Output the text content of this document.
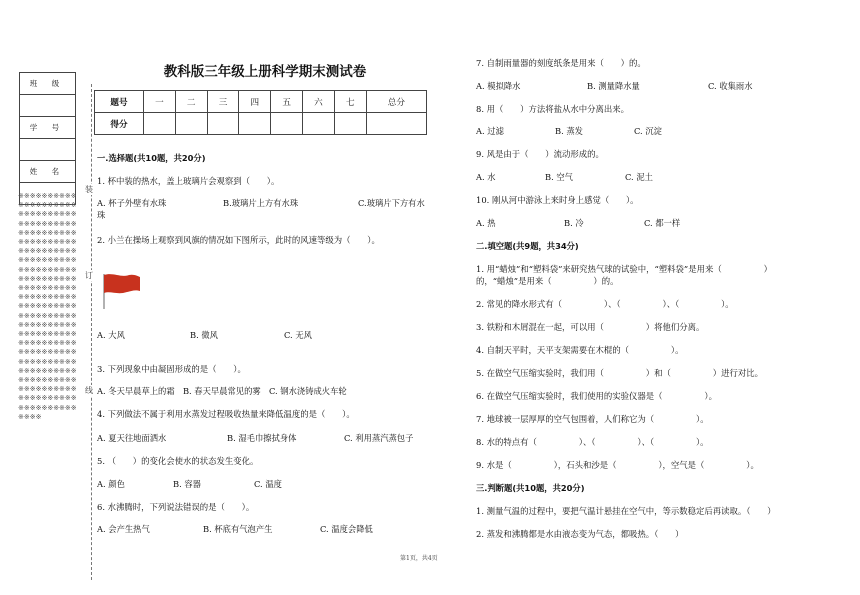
班 级

学 号

姓 名

※※※※※※※※※※※※※※※※※※※※※※※※※※※※※※※※※※※※※※※※※※※※※※※※※※※※※※※※※※※※※※※※※※※※※※※※※※※※※※※※※※※※※※※※※※※※※※※※※※※※※※※※※※※※※※※※※※※※※※※※※※※※※※※※※※※※※※※※※※※※※※※※※※※※※※※※※※※※※※※※※※※※※※※※※※※※※※※※※※※※※※※※※※※※※※※※※※※※※※※※※※※※※※※※※※※※※※※※※※※※※※※※※※※※※※※※※※※※※※※※※※※※
装
订
线
教科版三年级上册科学期末测试卷
题号	一	二	三	四	五	六	七	总分
得分								
一.选择题(共10题，共20分)
1. 杯中装的热水，盖上玻璃片会观察到（　　）。
A. 杯子外壁有水珠	B.玻璃片上方有水珠	C.玻璃片下方有水
珠
2. 小兰在操场上观察到风旗的情况如下图所示，此时的风速等级为（　　）。
A. 大风	B. 微风	C. 无风
3. 下列现象中由凝固形成的是（　　）。
A. 冬天早晨草上的霜　B. 春天早晨常见的雾　C. 钢水浇铸成火车轮
4. 下列做法不属于利用水蒸发过程吸收热量来降低温度的是（　　）。
A. 夏天往地面洒水	B. 湿毛巾擦拭身体	C. 利用蒸汽蒸包子
5. （　　）的变化会使水的状态发生变化。
A. 颜色	B. 容器	C. 温度
6. 水沸腾时，下列说法错误的是（　　）。
A. 会产生热气	B. 杯底有气泡产生	C. 温度会降低
7. 自制雨量器的刻度纸条是用来（　　）的。
A. 模拟降水	B. 测量降水量	C. 收集雨水
8. 用（　　）方法将盐从水中分离出来。
A. 过滤	B. 蒸发	C. 沉淀
9. 风是由于（　　）流动形成的。
A. 水	B. 空气	C. 泥土
10. 刚从河中游泳上来时身上感觉（　　）。
A. 热	B. 冷	C. 都一样
二.填空题(共9题，共34分)
1. 用“蜡烛”和“塑料袋”来研究热气球的试验中，“塑料袋”是用来（　　　　　）
的，“蜡烛”是用来（　　　　　）的。
2. 常见的降水形式有（　　　　　）、（　　　　　）、（　　　　　）。
3. 铁粉和木屑混在一起，可以用（　　　　　）将他们分离。
4. 自制天平时，天平支架需要在木棍的（　　　　　）。
5. 在做空气压缩实验时，我们用（　　　　　）和（　　　　　）进行对比。
6. 在做空气压缩实验时，我们使用的实验仪器是（　　　　　）。
7. 地球被一层厚厚的空气包围着，人们称它为（　　　　　）。
8. 水的特点有（　　　　　）、（　　　　　）、（　　　　　）。
9. 水是（　　　　　），石头和沙是（　　　　　），空气是（　　　　　）。
三.判断题(共10题，共20分)
1. 测量气温的过程中，要把气温计悬挂在空气中，等示数稳定后再读取。（　　）
2. 蒸发和沸腾都是水由液态变为气态，都吸热。（　　）
第1页，共4页
